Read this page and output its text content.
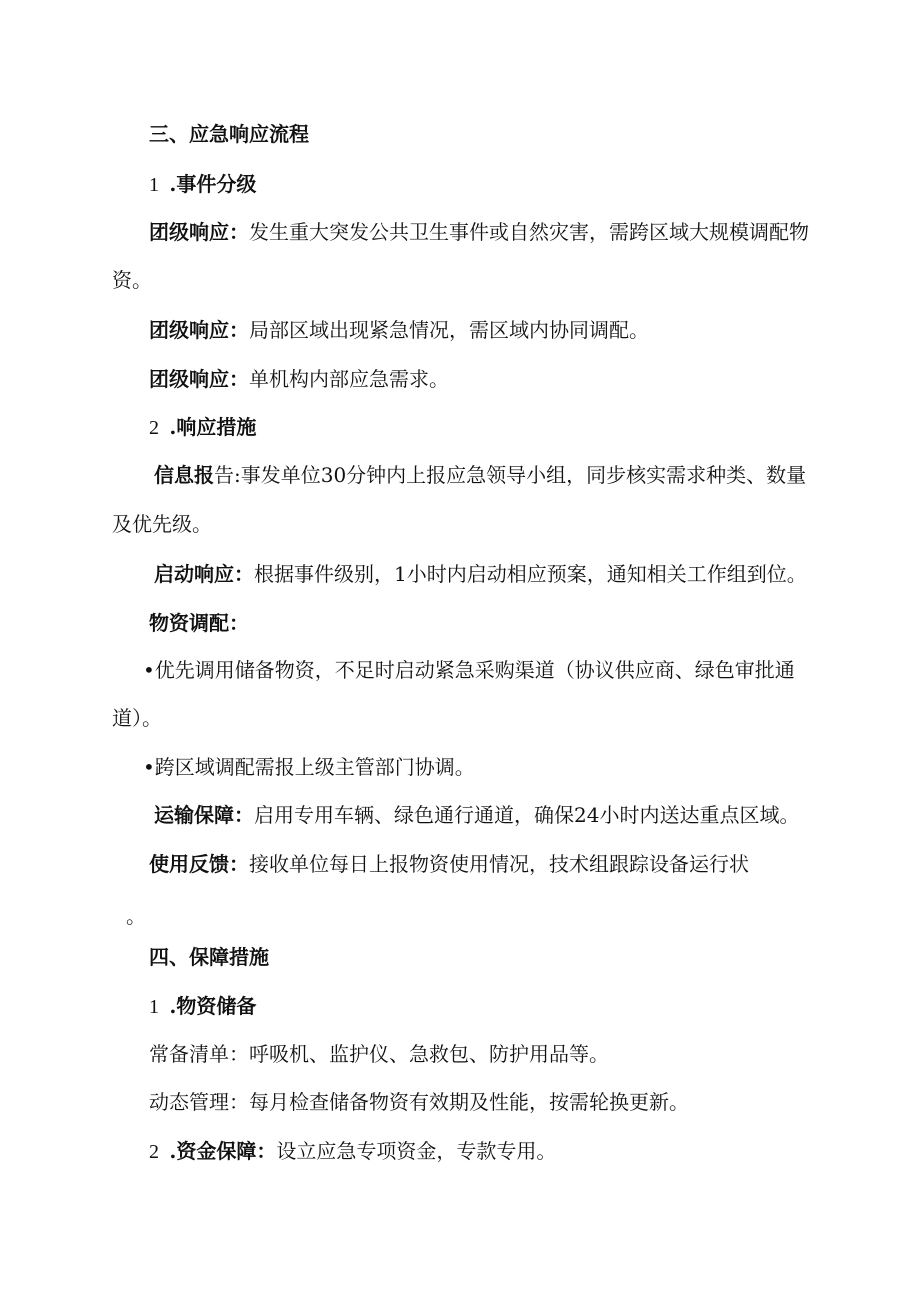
三、应急响应流程
1 .事件分级
团级响应：发生重大突发公共卫生事件或自然灾害，需跨区域大规模调配物
资。
团级响应：局部区域出现紧急情况，需区域内协同调配。
团级响应：单机构内部应急需求。
2 .响应措施
信息报告:事发单位30分钟内上报应急领导小组，同步核实需求种类、数量
及优先级。
启动响应：根据事件级别，1小时内启动相应预案，通知相关工作组到位。
物资调配：
•优先调用储备物资，不足时启动紧急采购渠道（协议供应商、绿色审批通
道）。
•跨区域调配需报上级主管部门协调。
运输保障：启用专用车辆、绿色通行通道，确保24小时内送达重点区域。
使用反馈：接收单位每日上报物资使用情况，技术组跟踪设备运行状
。
四、保障措施
1 .物资储备
常备清单：呼吸机、监护仪、急救包、防护用品等。
动态管理：每月检查储备物资有效期及性能，按需轮换更新。
2 .资金保障：设立应急专项资金，专款专用。
